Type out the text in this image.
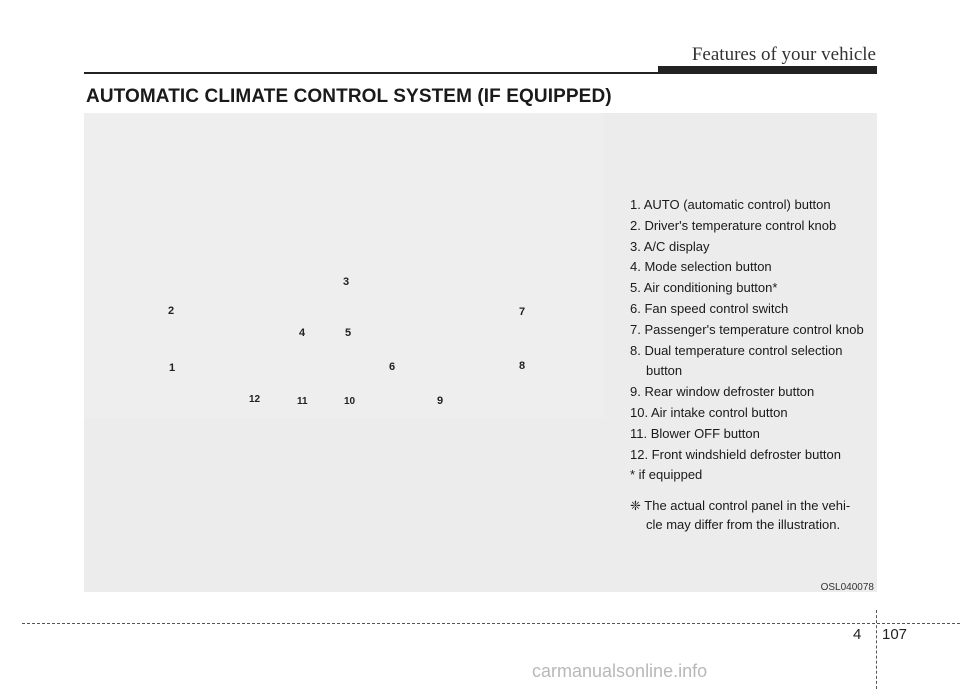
Features of your vehicle
AUTOMATIC CLIMATE CONTROL SYSTEM (IF EQUIPPED)
1
2
3
4	5
6
7
8
9
10
11
12
1. AUTO (automatic control) button
2. Driver's temperature control knob
3. A/C display
4. Mode selection button
5. Air conditioning button*
6. Fan speed control switch
7. Passenger's temperature control knob
8. Dual temperature control selection button
9. Rear window defroster button
10. Air intake control button
11. Blower OFF button
12. Front windshield defroster button
* if equipped
❈ The actual control panel in the vehi- cle may differ from the illustration.
OSL040078
4 107
carmanualsonline.info
